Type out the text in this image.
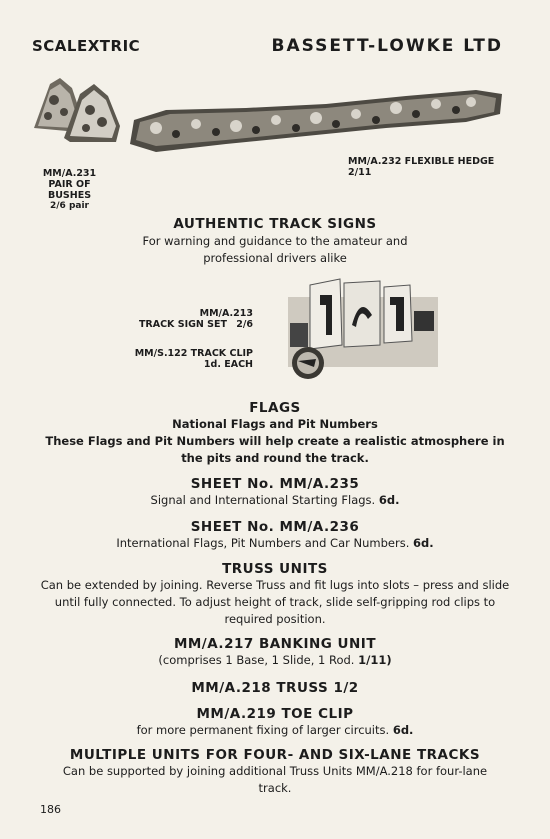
SCALEXTRIC	BASSETT-LOWKE LTD
MM/A.231
PAIR OF
BUSHES
2/6 pair
MM/A.232 FLEXIBLE HEDGE
2/11
AUTHENTIC TRACK SIGNS
For warning and guidance to the amateur and
professional drivers alike
MM/A.213
TRACK SIGN SET 2/6
MM/S.122 TRACK CLIP
1d. EACH
FLAGS
National Flags and Pit Numbers
These Flags and Pit Numbers will help create a realistic atmosphere in
the pits and round the track.
SHEET No. MM/A.235
Signal and International Starting Flags. 6d.
SHEET No. MM/A.236
International Flags, Pit Numbers and Car Numbers. 6d.
TRUSS UNITS
Can be extended by joining. Reverse Truss and fit lugs into slots – press and slide
until fully connected. To adjust height of track, slide self-gripping rod clips to
required position.
MM/A.217 BANKING UNIT
(comprises 1 Base, 1 Slide, 1 Rod. 1/11)
MM/A.218 TRUSS 1/2
MM/A.219 TOE CLIP
for more permanent fixing of larger circuits. 6d.
MULTIPLE UNITS FOR FOUR- AND SIX-LANE TRACKS
Can be supported by joining additional Truss Units MM/A.218 for four-lane
track.
186
